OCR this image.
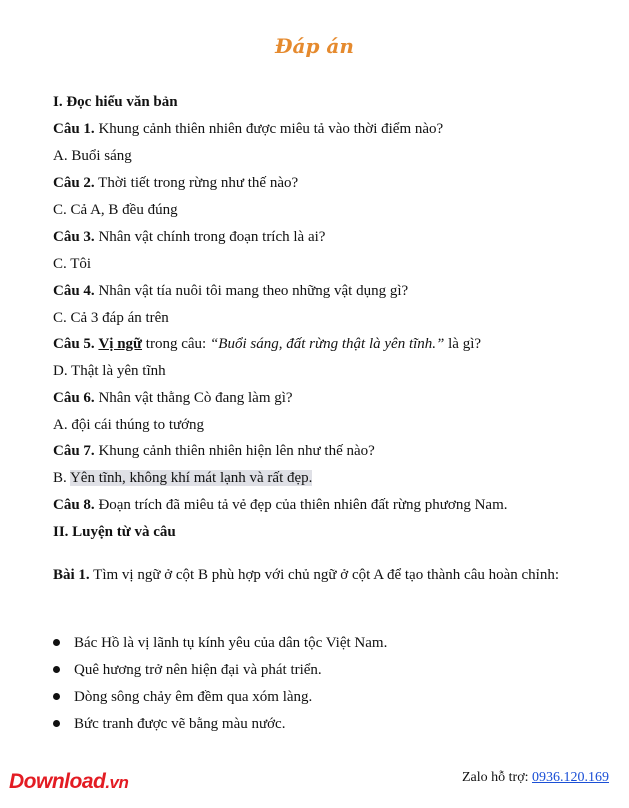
Đáp án
I. Đọc hiểu văn bản
Câu 1. Khung cảnh thiên nhiên được miêu tả vào thời điểm nào?
A. Buổi sáng
Câu 2. Thời tiết trong rừng như thế nào?
C. Cả A, B đều đúng
Câu 3. Nhân vật chính trong đoạn trích là ai?
C. Tôi
Câu 4. Nhân vật tía nuôi tôi mang theo những vật dụng gì?
C. Cả 3 đáp án trên
Câu 5. Vị ngữ trong câu: “Buổi sáng, đất rừng thật là yên tĩnh.” là gì?
D. Thật là yên tĩnh
Câu 6. Nhân vật thằng Cò đang làm gì?
A. đội cái thúng to tướng
Câu 7. Khung cảnh thiên nhiên hiện lên như thế nào?
B. Yên tĩnh, không khí mát lạnh và rất đẹp.
Câu 8. Đoạn trích đã miêu tả vẻ đẹp của thiên nhiên đất rừng phương Nam.
II. Luyện từ và câu
Bài 1. Tìm vị ngữ ở cột B phù hợp với chủ ngữ ở cột A để tạo thành câu hoàn chỉnh:
Bác Hồ là vị lãnh tụ kính yêu của dân tộc Việt Nam.
Quê hương trở nên hiện đại và phát triển.
Dòng sông chảy êm đềm qua xóm làng.
Bức tranh được vẽ bằng màu nước.
Download.vn	Zalo hỗ trợ: 0936.120.169
